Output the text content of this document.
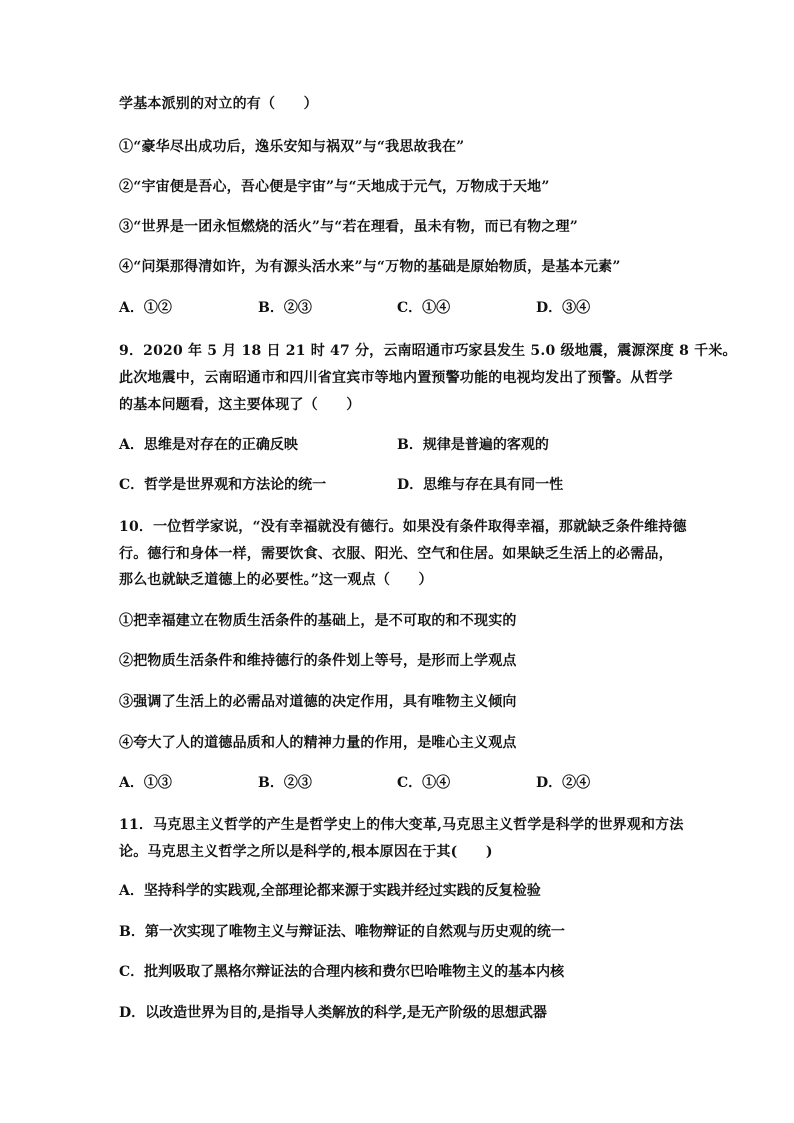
学基本派别的对立的有（　　）
①“豪华尽出成功后，逸乐安知与祸双”与“我思故我在”
②“宇宙便是吾心，吾心便是宇宙”与“天地成于元气，万物成于天地”
③“世界是一团永恒燃烧的活火”与“若在理看，虽未有物，而已有物之理”
④“问渠那得清如许，为有源头活水来”与“万物的基础是原始物质，是基本元素”
A．①②	B．②③	C．①④	D．③④
9．2020 年 5 月 18 日 21 时 47 分，云南昭通市巧家县发生 5.0 级地震，震源深度 8 千米。
此次地震中，云南昭通市和四川省宜宾市等地内置预警功能的电视均发出了预警。从哲学
的基本问题看，这主要体现了（　　）
A．思维是对存在的正确反映	B．规律是普遍的客观的
C．哲学是世界观和方法论的统一	D．思维与存在具有同一性
10．一位哲学家说，“没有幸福就没有德行。如果没有条件取得幸福，那就缺乏条件维持德
行。德行和身体一样，需要饮食、衣服、阳光、空气和住居。如果缺乏生活上的必需品，
那么也就缺乏道德上的必要性。”这一观点（　　）
①把幸福建立在物质生活条件的基础上，是不可取的和不现实的
②把物质生活条件和维持德行的条件划上等号，是形而上学观点
③强调了生活上的必需品对道德的决定作用，具有唯物主义倾向
④夸大了人的道德品质和人的精神力量的作用，是唯心主义观点
A．①③	B．②③	C．①④	D．②④
11．马克思主义哲学的产生是哲学史上的伟大变革,马克思主义哲学是科学的世界观和方法
论。马克思主义哲学之所以是科学的,根本原因在于其(　　)
A．坚持科学的实践观,全部理论都来源于实践并经过实践的反复检验
B．第一次实现了唯物主义与辩证法、唯物辩证的自然观与历史观的统一
C．批判吸取了黑格尔辩证法的合理内核和费尔巴哈唯物主义的基本内核
D．以改造世界为目的,是指导人类解放的科学,是无产阶级的思想武器
